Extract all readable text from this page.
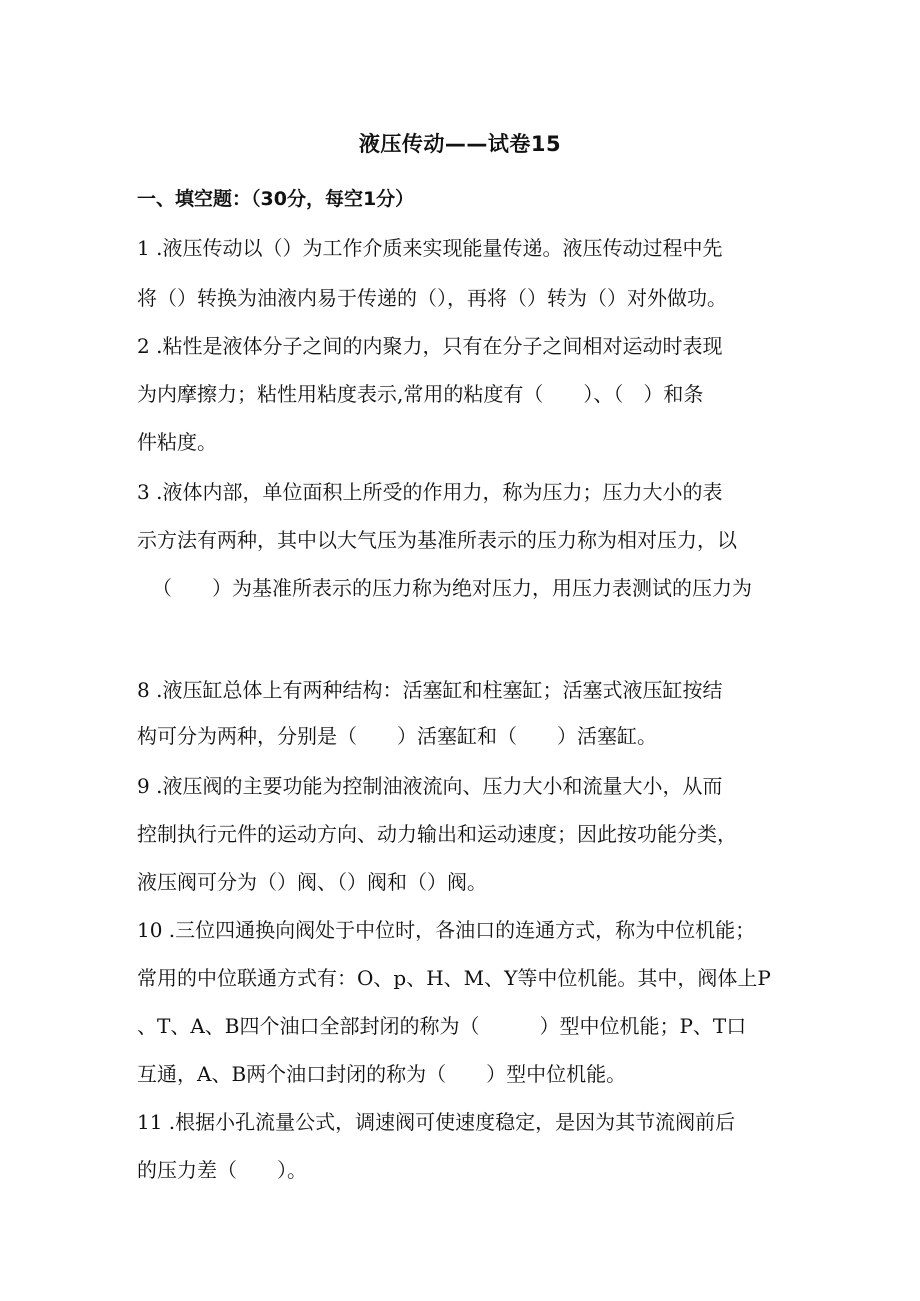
液压传动——试卷15
一、填空题：（30分，每空1分）
1 .液压传动以（）为工作介质来实现能量传递。液压传动过程中先
将（）转换为油液内易于传递的（），再将（）转为（）对外做功。
2 .粘性是液体分子之间的内聚力，只有在分子之间相对运动时表现
为内摩擦力；粘性用粘度表示,常用的粘度有（　　）、（　）和条
件粘度。
3 .液体内部，单位面积上所受的作用力，称为压力；压力大小的表
示方法有两种，其中以大气压为基准所表示的压力称为相对压力，以
（　　）为基准所表示的压力称为绝对压力，用压力表测试的压力为
8 .液压缸总体上有两种结构：活塞缸和柱塞缸；活塞式液压缸按结
构可分为两种，分别是（　　）活塞缸和（　　）活塞缸。
9 .液压阀的主要功能为控制油液流向、压力大小和流量大小，从而
控制执行元件的运动方向、动力输出和运动速度；因此按功能分类，
液压阀可分为（）阀、（）阀和（）阀。
10 .三位四通换向阀处于中位时，各油口的连通方式，称为中位机能；
常用的中位联通方式有：O、p、H、M、Y等中位机能。其中，阀体上P
、T、A、B四个油口全部封闭的称为（　　　）型中位机能；P、T口
互通，A、B两个油口封闭的称为（　　）型中位机能。
11 .根据小孔流量公式，调速阀可使速度稳定，是因为其节流阀前后
的压力差（　　）。
